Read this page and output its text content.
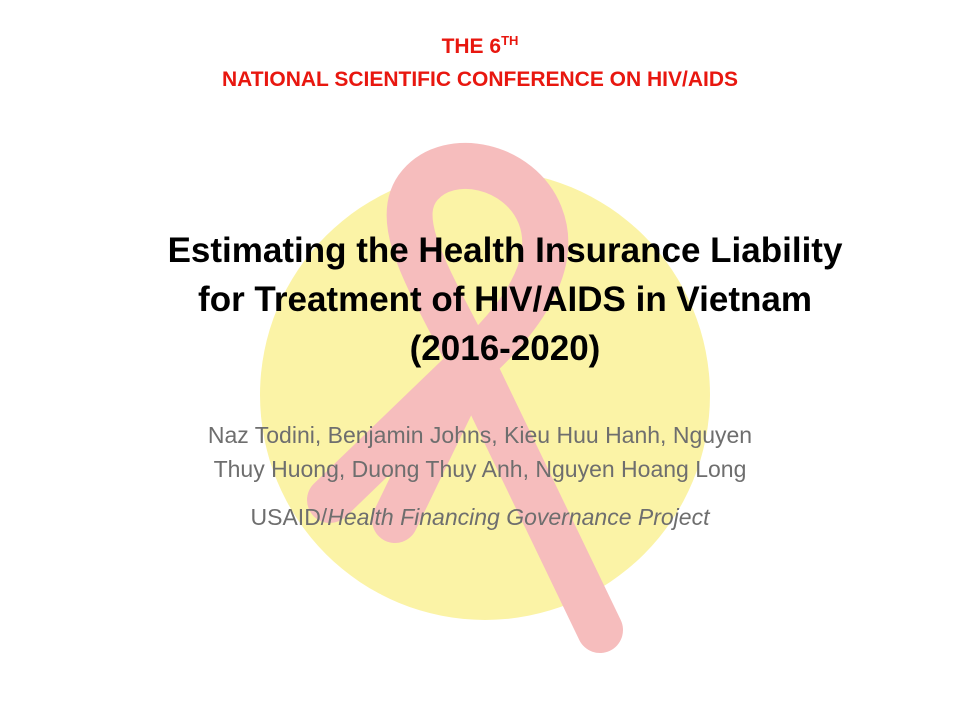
THE 6TH
NATIONAL SCIENTIFIC CONFERENCE ON HIV/AIDS
Estimating the Health Insurance Liability
for Treatment of HIV/AIDS in Vietnam
(2016-2020)
Naz Todini, Benjamin Johns, Kieu Huu Hanh, Nguyen
Thuy Huong, Duong Thuy Anh, Nguyen Hoang Long
USAID/Health Financing Governance Project
